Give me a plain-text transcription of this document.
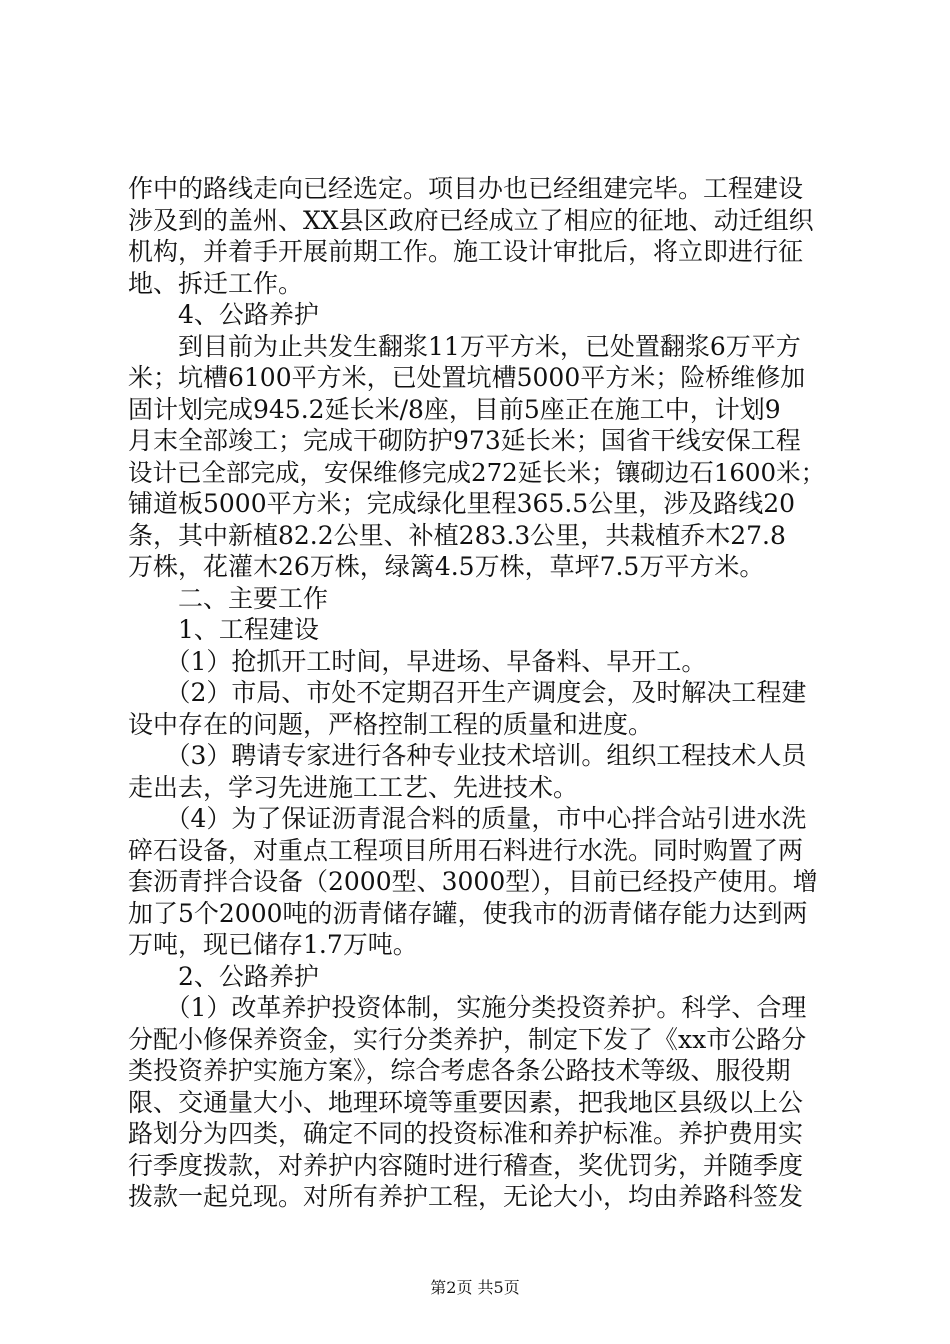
作中的路线走向已经选定。项目办也已经组建完毕。工程建设
涉及到的盖州、XX县区政府已经成立了相应的征地、动迁组织
机构，并着手开展前期工作。施工设计审批后，将立即进行征
地、拆迁工作。
　　4、公路养护
　　到目前为止共发生翻浆11万平方米，已处置翻浆6万平方
米；坑槽6100平方米，已处置坑槽5000平方米；险桥维修加
固计划完成945.2延长米/8座，目前5座正在施工中，计划9
月末全部竣工；完成干砌防护973延长米；国省干线安保工程
设计已全部完成，安保维修完成272延长米；镶砌边石1600米；
铺道板5000平方米；完成绿化里程365.5公里，涉及路线20
条，其中新植82.2公里、补植283.3公里，共栽植乔木27.8
万株，花灌木26万株，绿篱4.5万株，草坪7.5万平方米。
　　二、主要工作
　　1、工程建设
　　（1）抢抓开工时间，早进场、早备料、早开工。
　　（2）市局、市处不定期召开生产调度会，及时解决工程建
设中存在的问题，严格控制工程的质量和进度。
　　（3）聘请专家进行各种专业技术培训。组织工程技术人员
走出去，学习先进施工工艺、先进技术。
　　（4）为了保证沥青混合料的质量，市中心拌合站引进水洗
碎石设备，对重点工程项目所用石料进行水洗。同时购置了两
套沥青拌合设备（2000型、3000型），目前已经投产使用。增
加了5个2000吨的沥青储存罐，使我市的沥青储存能力达到两
万吨，现已储存1.7万吨。
　　2、公路养护
　　（1）改革养护投资体制，实施分类投资养护。科学、合理
分配小修保养资金，实行分类养护，制定下发了《xx市公路分
类投资养护实施方案》，综合考虑各条公路技术等级、服役期
限、交通量大小、地理环境等重要因素，把我地区县级以上公
路划分为四类，确定不同的投资标准和养护标准。养护费用实
行季度拨款，对养护内容随时进行稽查，奖优罚劣，并随季度
拨款一起兑现。对所有养护工程，无论大小，均由养路科签发
第2页 共5页
